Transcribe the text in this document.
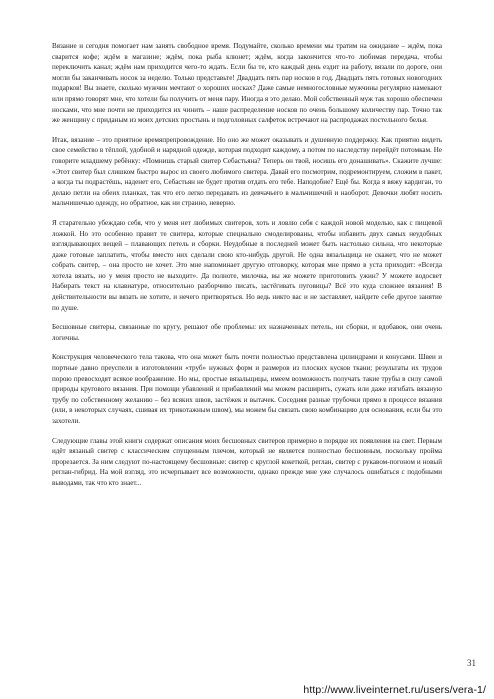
Вязание и сегодня помогает нам занять свободное время. Подумайте, сколько времени мы тратим на ожидание – ждём, пока сварится кофе; ждём в магазине; ждём, пока рыба клюнет; ждём, когда закончится что-то любимая передача, чтобы переключить канал; ждём нам приходится чего-то ждать. Если бы те, кто каждый день ездит на работу, вязали по дороге, они могли бы заканчивать носок за неделю. Только представьте! Двадцать пять пар носков в год. Двадцать пять готовых новогодних подарков! Вы знаете, сколько мужчин мечтают о хороших носках? Даже самые немногословные мужчины регулярно намекают или прямо говорят мне, что хотели бы получить от меня пару. Иногда я это делаю. Мой собственный муж так хорошо обеспечен носками, что мне почти не приходится их чинить – наше распределение носков по очень большому количеству пар. Точно так же женщину с приданым из моих детских простынь и подголовных салфеток встречают на распродажах постельного белья.

Итак, вязание – это приятное времяпрепровождение. Но оно же может оказывать и душевную поддержку. Как приятно видеть свое семейство в тёплой, удобной и нарядной одежде, которая подходит каждому, а потом по наследству перейдёт потомкам. Не говорите младшему ребёнку: «Помнишь старый свитер Себастьяна? Теперь он твой, носишь его донашивать». Скажите лучше: «Этот свитер был слишком быстро вырос из своего любимого свитера. Давай его посмотрим, подремонтируем, сложим в пакет, а когда ты подрастёшь, наденет его, Себастьян не будет против отдать его тебе. Наподобие? Ещё бы. Когда я вяжу кардиган, то делаю петли на обеих планках, так что его легко передавать из девчачьего в мальчишечий и наоборот. Девочки любят носить мальчишечью одежду, но обратное, как ни странно, неверно.

Я старательно убеждаю себя, что у меня нет любимых свитеров, хоть и ловлю себя с каждой новой моделью, как с пищевой ложкой. Но это особенно правит те свитера, которые специально смоделированы, чтобы избавить двух самых неудобных взглядывающих вещей – плавающих петель и сборки. Неудобные в последней может быть настолько сильна, что некоторые даже готовые заплатить, чтобы вместо них сделали свою кто-нибудь другой. Не одна вязальщица не скажет, что не может собрать свитер, – она просто не хочет. Это мне напоминает другую отговорку, которая мне прямо в уста приходит: «Всегда хотела вязать, но у меня просто не выходит». Да полноте, милочка, вы же можете приготовить ужин? У можете водосвет Набирать текст на клавиатуре, относительно разборчиво писать, застёгивать пуговицы? Всё это куда сложнее вязания! В действительности вы вязать не хотите, и нечего притворяться. Но ведь никто вас и не заставляет, найдите себе другое занятие по душе.

Бесшовные свитеры, связанные по кругу, решают обе проблемы: их назначенных петель, ни сборки, и вдобавок, они очень логичны.

Конструкция человеческого тела такова, что она может быть почти полностью представлена цилиндрами и конусами. Швеи и портные давно преуспели в изготовлении «труб» нужных форм и размеров из плоских кусков ткани; результаты их трудов порою превосходят всякое воображение. Но мы, простые вязальщицы, имеем возможность получать такие трубы в силу самой природы кругового вязания. При помощи убавлений и прибавлений мы можем расширить, сужать или даже изгибать вязаную трубу по собственному желанию – без всяких швов, застёжек и вытачек. Соседняя разные трубочки прямо в процессе вязания (или, в некоторых случаях, сшивая их трикотажным швом), мы можем бы связать свою комбинацию для основания, если бы это захотели.

Следующие главы этой книги содержат описания моих бесшовных свитеров примерно в порядке их появления на свет. Первым идёт вязаный свитер с классическим спущенным плечом, который не является полностью бесшовным, поскольку пройма прорезается. За ним следуют по-настоящему бесшовные: свитер с круглой кокеткой, реглан, свитер с рукавом-погоном и новый реглан-гибрид. На мой взгляд, это исчерпывает все возможности, однако прежде мне уже случалось ошибаться с подобными выводами, так что кто знает...

31
http://www.liveinternet.ru/users/vera-1/
